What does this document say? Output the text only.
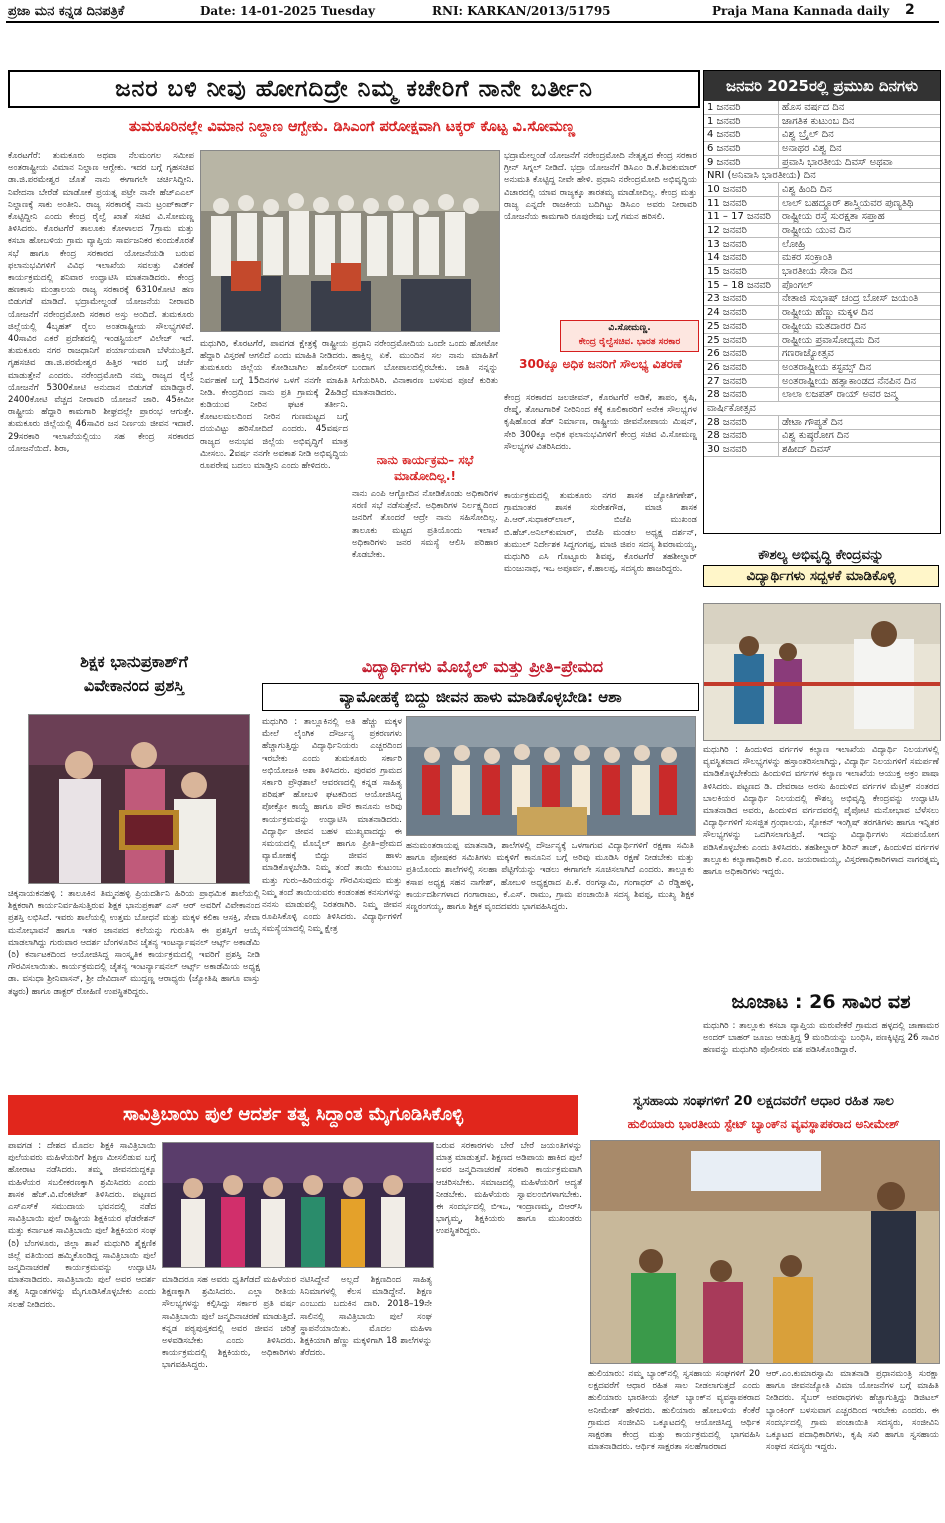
ಪ್ರಜಾ ಮನ ಕನ್ನಡ ದಿನಪತ್ರಿಕೆ	Date: 14-01-2025 Tuesday	RNI: KARKAN/2013/51795	Praja Mana Kannada daily 2
ಜನರ ಬಳಿ ನೀವು ಹೋಗದಿದ್ರೇ ನಿಮ್ಮ ಕಚೇರಿಗೆ ನಾನೇ ಬರ್ತೀನಿ
ತುಮಕೂರಿನಲ್ಲೇ ವಿಮಾನ ನಿಲ್ದಾಣ ಆಗ್ಬೇಕು. ಡಿಸಿಎಂಗೆ ಪರೋಕ್ಷವಾಗಿ ಟಕ್ಕರ್ ಕೊಟ್ಟ ವಿ.ಸೋಮಣ್ಣ
ಕೊರಟಗೆರೆ: ತುಮಕೂರು ಅಥವಾ ನೆಲಮಂಗಲ ಸಮೀಪ ಅಂತರಾಷ್ಟ್ರೀಯ ವಿಮಾನ ನಿಲ್ದಾಣ ಆಗ್ಬೇಕು. ಇದರ ಬಗ್ಗೆ ಗೃಹಸಚಿವ ಡಾ.ಜಿ.ಪರಮೇಶ್ವರ ಜೊತೆ ನಾನು ಈಗಾಗಲೇ ಚರ್ಚಿಸಿದ್ದೀನಿ. ನಿವೇದನಾ ಬೇರೆಡೆ ಮಾಡೋಕೆ ಪ್ರಯತ್ನ ಪಟ್ರೇ ನಾನೇ ಹೆಚ್ಎಎಲ್ ನಿಲ್ದಾಣಕ್ಕೆ ಸಾಕು ಅಂತೀನಿ. ರಾಜ್ಯ ಸರಕಾರಕ್ಕೆ ನಾನು ಟ್ರಂಪ್‌ಕಾರ್ಡ್ ಕೊಟ್ಟಿದ್ದೀನಿ ಎಂದು ಕೇಂದ್ರ ರೈಲ್ವೆ ಖಾತೆ ಸಚಿವ ವಿ.ಸೋಮಣ್ಣ ತಿಳಿಸಿದರು. ಕೊರಟಗೆರೆ ತಾಲೂಕು ಕೋಳಾಲದ 7ಗ್ರಾಮ ಮತ್ತು ಕಸಬಾ ಹೋಬಳಿಯ ಗ್ರಾಮ ವ್ಯಾಪ್ತಿಯ ಸಾರ್ವಜನಿಕರ ಕುಂದುಕೊರತೆ ಸಭೆ ಹಾಗೂ ಕೇಂದ್ರ ಸರಕಾರದ ಯೋಜನೆಯಡಿ ಬರುವ ಫಲಾನುಭವಿಗಳಿಗೆ ವಿವಿಧ ಇಲಾಖೆಯ ಸವಲತ್ತು ವಿತರಣೆ ಕಾರ್ಯಕ್ರಮದಲ್ಲಿ ಶನಿವಾರ ಉದ್ಘಾಟಿಸಿ ಮಾತನಾಡಿದರು. ಕೇಂದ್ರ ಹಣಕಾಸು ಮಂತ್ರಾಲಯ ರಾಜ್ಯ ಸರಕಾರಕ್ಕೆ 6310ಕೋಟಿ ಹಣ ಬಿಡುಗಡೆ ಮಾಡಿದೆ. ಭದ್ರಾಮೇಲ್ದಂಡೆ ಯೋಜನೆಯ ನೀರಾವರಿ ಯೋಜನೆಗೆ ನರೇಂದ್ರಮೋದಿ ಸರಕಾರ ಅಸ್ತು ಅಂದಿದೆ. ತುಮಕೂರು ಜಿಲ್ಲೆಯಲ್ಲಿ 4ಬೃಹತ್ ರೈಲು ಅಂತರಾಷ್ಟ್ರೀಯ ಸೌಲಭ್ಯಗಳಿವೆ. 40ಸಾವಿರ ಎಕರೆ ಪ್ರದೇಶದಲ್ಲಿ ಇಂಡಸ್ಟ್ರಿಯಲ್ ವಿಲೇಜ್ ಇದೆ. ತುಮಕೂರು ನಗರ ರಾಜಧಾನಿಗೆ ಪರ್ಯಾಯವಾಗಿ ಬೆಳೆಯುತ್ತಿದೆ. ಗೃಹಸಚಿವ ಡಾ.ಜಿ.ಪರಮೇಶ್ವರ ಹಿತ್ತಿರ ಇವರ ಬಗ್ಗೆ ಚರ್ಚೆ ಮಾಡುತ್ತೇನೆ ಎಂದರು. ನರೇಂದ್ರಮೋದಿ ನಮ್ಮ ರಾಜ್ಯದ ರೈಲ್ವೆ ಯೋಜನೆಗೆ 5300ಕೋಟಿ ಅನುದಾನ ಬಿಡುಗಡೆ ಮಾಡಿದ್ದಾರೆ. 2400ಕೋಟಿ ವೆಚ್ಚದ ನೀರಾವರಿ ಯೋಜನೆ ಜಾರಿ. 45ಕೀಮೀ ರಾಷ್ಟ್ರೀಯ ಹೆದ್ದಾರಿ ಕಾಮಗಾರಿ ಶೀಘ್ರದಲ್ಲೇ ಪ್ರಾರಂಭ ಆಗುತ್ತೇ. ತುಮಕೂರು ಜಿಲ್ಲೆಯಲ್ಲಿ 46ಸಾವಿರ ಜನ ನಿರ್ಣಯ ಜೀವನ ಇದಾರೆ. 29ಸರಕಾರಿ ಇಲಾಖೆಯಲ್ಲಿಯು ಸಹ ಕೇಂದ್ರ ಸರಕಾರದ ಯೋಜನೆಯಿದೆ. ಶಿರಾ,
ಮಧುಗಿರಿ, ಕೊರಟಗೆರೆ, ಪಾವಗಡ ಕ್ಷೇತ್ರಕ್ಕೆ ರಾಷ್ಟ್ರೀಯ ಹೆದ್ದಾರಿ ವಿಸ್ತರಣೆ ಆಗಲಿದೆ ಎಂದು ಮಾಹಿತಿ ನೀಡಿದರು. ತುಮಕೂರು ಜಿಲ್ಲೆಯ ಕೋಡಿಬಾಗಿಲ ಹೊಲೀಸರ್ ನಿರ್ವಹಣೆ ಬಗ್ಗೆ 15ದಿನಗಳ ಒಳಗೆ ನನಗೇ ಮಾಹಿತಿ ನೀಡಿ. ಕೇಂದ್ರದಿಂದ ನಾನು ಪ್ರತಿ ಗ್ರಾಮಕ್ಕೆ 2ಹಿಡಿದ್ರೆ ಕುಡಿಯುವ ನೀರಿನ ಘಟಕ ತರ್ತೀನಿ. ಕೋಟಲಮಲದಿಂದ ನೀರಿನ ಗುಣಮಟ್ಟದ ಬಗ್ಗೆ ದಯವಿಟ್ಟು ಹರಿಸೋದಿದೆ ಎಂದರು. 45ವರ್ಷದ ರಾಜ್ಯದ ಅನುಭವ ಜಿಲ್ಲೆಯ ಅಭಿವೃದ್ಧಿಗೆ ಮಾತ್ರ ಮೀಸಲು. 2ವರ್ಷ ನನಗೇ ಅವಕಾಶ ನೀಡಿ ಅಭಿವೃದ್ಧಿಯ ರೂಪರೇಷ ಬದಲು ಮಾಡ್ತೀನಿ ಎಂದು ಹೇಳಿದರು.
ಪ್ರಧಾನಿ ನರೇಂದ್ರಮೋದಿಯ ಒಂದೇ ಒಂದು ಹೋಟೋ ಹಾಕ್ತಿಲ್ಲ ಏಕೆ. ಮುಂದಿನ ಸಲ ನಾನು ಮಾಹಿತಿಗೆ ಬಂದಾಗ ಬೋಪಾಲದಲ್ಲಿರಬೇಕು. ಜಾತಿ ನನ್ನನ್ನು ಸಿಗೆಯರಿಸಿರಿ. ವಿನಾಕಾರಣ ಬಳಸುವ ಪೂಜೆ ಕುರಿತು ಮಾತನಾಡಿದರು.
ನಾನು ಕಾರ್ಯಕ್ರಮ– ಸಭೆ ಮಾಡೋದಿಲ್ಲ.!
ನಾನು ಎಂಪಿ ಆಗ್ಬೋದಿನ ನೋಡಿಕೊಂಡು ಅಧಿಕಾರಿಗಳ ಸರಣಿ ಸಭೆ ನಡೆಸುತ್ತೇನೆ. ಅಧಿಕಾರಿಗಳ ನಿರ್ಲಕ್ಷ್ಯದಿಂದ ಜನರಿಗೆ ತೊಂದರೆ ಆದ್ರೇ ನಾನು ಸಹಿಸೋದಿಲ್ಲ. ತಾಲೂಕು ಮಟ್ಟದ ಪ್ರತಿಯೊಂದು ಇಲಾಖೆ ಅಧಿಕಾರಿಗಳು ಜನರ ಸಮಸ್ಯೆ ಆಲಿಸಿ ಪರಿಹಾರ ಕೊಡಬೇಕು.
ಭದ್ರಾಮೇಲ್ದಂಡೆ ಯೋಜನೆಗೆ ನರೇಂದ್ರಮೋದಿ ನೇತೃತ್ವದ ಕೇಂದ್ರ ಸರಕಾರ ಗ್ರೀನ್ ಸಿಗ್ನಲ್ ನೀಡಿದೆ. ಭದ್ರಾ ಯೋಜನೆಗೆ ಡಿಸಿಎಂ ಡಿ.ಕೆ.ಶಿವಕುಮಾರ್ ಅನುಮತಿ ಕೊಟ್ಟಿದ್ದ ನೀವೇ ಹೇಳಿ. ಪ್ರಧಾನಿ ನರೇಂದ್ರಮೋದಿ ಅಭಿವೃದ್ಧಿಯ ವಿಚಾರದಲ್ಲಿ ಯಾವ ರಾಜ್ಯಕ್ಕೂ ತಾರತಮ್ಯ ಮಾಡೋದಿಲ್ಲ. ಕೇಂದ್ರ ಮತ್ತು ರಾಜ್ಯ ಎನ್ನದೇ ರಾಜಕೀಯ ಬದಿಗಿಟ್ಟು ಡಿಸಿಎಂ ಅವರು ನೀರಾವರಿ ಯೋಜನೆಯ ಕಾಮಗಾರಿ ರೂಪುರೇಷು ಬಗ್ಗೆ ಗಮನ ಹರಿಸಲಿ.
ವಿ.ಸೋಮಣ್ಣ.
ಕೇಂದ್ರ ರೈಲ್ವೆಸಚಿವ. ಭಾರತ ಸರಕಾರ
300ಕ್ಕೂ ಅಧಿಕ ಜನರಿಗೆ ಸೌಲಭ್ಯ ವಿತರಣೆ
ಕೇಂದ್ರ ಸರಕಾರದ ಜಲಜೀವನ್, ಕೊರಟಗೆರೆ ಅಡಿಕೆ, ತಾಪಂ, ಕೃಷಿ, ರೇಷ್ಮೆ, ತೋಟಗಾರಿಕೆ ನೀರಿನಿಂದ ಕೆಕ್ಕೆ ಕೂಲಿಕಾರರಿಗೆ ಅನೇಕ ಸೌಲಭ್ಯಗಳ ಕೃಷಿಹೊಂಡ ಶೆಡ್ ನಿರ್ಮಾಣ, ರಾಷ್ಟ್ರೀಯ ಜೀವನೋಪಾಯ ಮಿಷನ್, ಸೇರಿ 300ಕ್ಕೂ ಅಧಿಕ ಫಲಾನುಭವಿಗಳಿಗೆ ಕೇಂದ್ರ ಸಚಿವ ವಿ.ಸೋಮಣ್ಣ ಸೌಲಭ್ಯಗಳ ವಿತರಿಸಿದರು.
ಕಾರ್ಯಕ್ರಮದಲ್ಲಿ ತುಮಕೂರು ನಗರ ಶಾಸಕ ಜ್ಯೋತಿಗಣೇಶ್, ಗ್ರಾಮಾಂತರ ಶಾಸಕ ಸುರೇಶಗೌಡ, ಮಾಜಿ ಶಾಸಕ ಪಿ.ಆರ್.ಸುಧಾಕರ್‌ಲಾಲ್, ಬಿಜೆಪಿ ಮುಖಂಡ ಬಿ.ಹೆಚ್.ಅನಿಲ್‌ಕುಮಾರ್, ಬಿಜೆಪಿ ಮಂಡಲ ಅಧ್ಯಕ್ಷ ದರ್ಶನ್, ತುಮುಲ್ ನಿರ್ದೇಶಕ ಸಿದ್ದಗಂಗಪ್ಪ, ಮಾಜಿ ಜಿಪಂ ಸದಸ್ಯ ಶಿವರಾಮಯ್ಯ, ಮಧುಗಿರಿ ಎಸಿ ಗೊಟ್ಟೂರು ಶಿವಪ್ಪ, ಕೊರಟಗೆರೆ ತಹಶೀಲ್ದಾರ್ ಮಂಜುನಾಥ, ಇಒ ಅಪೂರ್ವ, ಕೆ.ಹಾಲಪ್ಪ, ಸದಸ್ಯರು ಹಾಜರಿದ್ದರು.
ಜನವರಿ 2025ರಲ್ಲಿ ಪ್ರಮುಖ ದಿನಗಳು
1 ಜನವರಿ	ಹೊಸ ವರ್ಷದ ದಿನ
1 ಜನವರಿ	ಜಾಗತಿಕ ಕುಟುಂಬ ದಿನ
4 ಜನವರಿ	ವಿಶ್ವ ಬ್ರೈಲ್ ದಿನ
6 ಜನವರಿ	ಅನಾಥರ ವಿಶ್ವ ದಿನ
9 ಜನವರಿ	ಪ್ರವಾಸಿ ಭಾರತೀಯ ದಿವಸ್ ಅಥವಾ
NRI (ಅನಿವಾಸಿ ಭಾರತೀಯ) ದಿನ	
10 ಜನವರಿ	ವಿಶ್ವ ಹಿಂದಿ ದಿನ
11 ಜನವರಿ	ಲಾಲ್ ಬಹದ್ದೂರ್ ಶಾಸ್ತ್ರಿಯವರ ಪುಣ್ಯತಿಥಿ
11 – 17 ಜನವರಿ	ರಾಷ್ಟ್ರೀಯ ರಸ್ತೆ ಸುರಕ್ಷತಾ ಸಪ್ತಾಹ
12 ಜನವರಿ	ರಾಷ್ಟ್ರೀಯ ಯುವ ದಿನ
13 ಜನವರಿ	ಲೋಹ್ರಿ
14 ಜನವರಿ	ಮಕರ ಸಂಕ್ರಾಂತಿ
15 ಜನವರಿ	ಭಾರತೀಯ ಸೇನಾ ದಿನ
15 – 18 ಜನವರಿ	ಪೊಂಗಲ್
23 ಜನವರಿ	ನೇತಾಜಿ ಸುಭಾಷ್ ಚಂದ್ರ ಬೋಸ್ ಜಯಂತಿ
24 ಜನವರಿ	ರಾಷ್ಟ್ರೀಯ ಹೆಣ್ಣು ಮಕ್ಕಳ ದಿನ
25 ಜನವರಿ	ರಾಷ್ಟ್ರೀಯ ಮತದಾರರ ದಿನ
25 ಜನವರಿ	ರಾಷ್ಟ್ರೀಯ ಪ್ರವಾಸೋದ್ಯಮ ದಿನ
26 ಜನವರಿ	ಗಣರಾಜ್ಯೋತ್ಸವ
26 ಜನವರಿ	ಅಂತರಾಷ್ಟ್ರೀಯ ಕಸ್ಟಮ್ಸ್ ದಿನ
27 ಜನವರಿ	ಅಂತರಾಷ್ಟ್ರೀಯ ಹತ್ಯಾಕಾಂಡದ ನೆನಪಿನ ದಿನ
28 ಜನವರಿ	ಲಾಲಾ ಲಜಪತ್ ರಾಯ್ ಅವರ ಜನ್ಮ
ವಾರ್ಷಿಕೋತ್ಸವ	
28 ಜನವರಿ	ಡೇಟಾ ಗೌಪ್ಯತೆ ದಿನ
28 ಜನವರಿ	ವಿಶ್ವ ಕುಷ್ಠರೋಗ ದಿನ
30 ಜನವರಿ	ಶಹೀದ್ ದಿವಸ್
ಕೌಶಲ್ಯ ಅಭಿವೃದ್ಧಿ ಕೇಂದ್ರವನ್ನು
ವಿದ್ಯಾರ್ಥಿಗಳು ಸದ್ಬಳಕೆ ಮಾಡಿಕೊಳ್ಳಿ
ಮಧುಗಿರಿ : ಹಿಂದುಳಿದ ವರ್ಗಗಳ ಕಲ್ಯಾಣ ಇಲಾಖೆಯ ವಿದ್ಯಾರ್ಥಿ ನಿಲಯಗಳಲ್ಲಿ ವ್ಯವಸ್ಥಿತವಾದ ಸೌಲಭ್ಯಗಳನ್ನು ಹಸ್ತಾಂತರಿಸಲಾಗಿದ್ದು, ವಿದ್ಯಾರ್ಥಿ ನಿಲಯಗಳಿಗೆ ಸಮರ್ಪಣೆ ಮಾಡಿಕೊಳ್ಳಬೇಕೆಂದು ಹಿಂದುಳಿದ ವರ್ಗಗಳ ಕಲ್ಯಾಣ ಇಲಾಖೆಯ ಆಯುಕ್ತ ಅಕ್ರಂ ಪಾಷಾ ತಿಳಿಸಿದರು. ಪಟ್ಟಣದ ಡಿ. ದೇವರಾಜ ಅರಸು ಹಿಂದುಳಿದ ವರ್ಗಗಳ ಮೆಟ್ರಿಕ್ ನಂತರದ ಬಾಲಕಿಯರ ವಿದ್ಯಾರ್ಥಿ ನಿಲಯದಲ್ಲಿ ಕೌಶಲ್ಯ ಅಭಿವೃದ್ಧಿ ಕೇಂದ್ರವನ್ನು ಉದ್ಘಾಟಿಸಿ ಮಾತನಾಡಿದ ಅವರು, ಹಿಂದುಳಿದ ವರ್ಗದವರಲ್ಲಿ ಪೈಪೋಟಿ ಮನೋಭಾವ ಬೆಳೆಸಲು ವಿದ್ಯಾರ್ಥಿಗಳಿಗೆ ಸುಸಜ್ಜಿತ ಗ್ರಂಥಾಲಯ, ಸ್ಪೋಕನ್ ಇಂಗ್ಲಿಷ್ ತರಗತಿಗಳು ಹಾಗೂ ಇನ್ನಿತರ ಸೌಲಭ್ಯಗಳನ್ನು ಒದಗಿಸಲಾಗುತ್ತಿದೆ. ಇದನ್ನು ವಿದ್ಯಾರ್ಥಿಗಳು ಸದುಪಯೋಗ ಪಡಿಸಿಕೊಳ್ಳಬೇಕು ಎಂದು ತಿಳಿಸಿದರು. ತಹಶೀಲ್ದಾರ್ ಶಿರಿನ್ ತಾಜ್, ಹಿಂದುಳಿದ ವರ್ಗಗಳ ತಾಲ್ಲೂಕು ಕಲ್ಯಾಣಾಧಿಕಾರಿ ಕೆ.ಎಂ. ಜಯರಾಮಯ್ಯ, ವಿಸ್ತರಣಾಧಿಕಾರಿಗಳಾದ ನಾಗರತ್ನಮ್ಮ ಹಾಗೂ ಅಧಿಕಾರಿಗಳು ಇದ್ದರು.
ಜೂಜಾಟ : 26 ಸಾವಿರ ವಶ
ಮಧುಗಿರಿ : ತಾಲ್ಲೂಕು ಕಸಬಾ ವ್ಯಾಪ್ತಿಯ ಮರುವೇಕೆರೆ ಗ್ರಾಮದ ಹಳ್ಳದಲ್ಲಿ ಜಾಣಾಮರ ಅಂದರ್ ಬಾಹರ್ ಜೂಜು ಆಡುತ್ತಿದ್ದ 9 ಮಂದಿಯನ್ನು ಬಂಧಿಸಿ, ಪಣಕ್ಕಿಟ್ಟಿದ್ದ 26 ಸಾವಿರ ಹಣವನ್ನು ಮಧುಗಿರಿ ಪೊಲೀಸರು ವಶ ಪಡಿಸಿಕೊಂಡಿದ್ದಾರೆ.
ಶಿಕ್ಷಕ ಭಾನುಪ್ರಕಾಶ್‌ಗೆ
ವಿವೇಕಾನಂದ ಪ್ರಶಸ್ತಿ
ಚಿಕ್ಕನಾಯಕನಹಳ್ಳಿ : ತಾಲೂಕಿನ ತಿಮ್ಮನಹಳ್ಳಿ ಪ್ರಿಯದರ್ಶಿನಿ ಹಿರಿಯ ಪ್ರಾಥಮಿಕ ಶಾಲೆಯಲ್ಲಿ ಶಿಕ್ಷಕರಾಗಿ ಕಾರ್ಯನಿರ್ವಹಿಸುತ್ತಿರುವ ಶಿಕ್ಷಕ ಭಾನುಪ್ರಕಾಶ್ ಎಸ್ ಆರ್ ಅವರಿಗೆ ವಿವೇಕಾನಂದ ಪ್ರಶಸ್ತಿ ಲಭಿಸಿದೆ. ಇವರು ಶಾಲೆಯಲ್ಲಿ ಉತ್ತಮ ಬೋಧನೆ ಮತ್ತು ಮಕ್ಕಳ ಕಲಿಕಾ ಆಸಕ್ತಿ, ಸೇವಾ ಮನೋಭಾವನೆ ಹಾಗೂ ಇತರ ಜಾನಪದ ಕಲೆಯನ್ನು ಗುರುತಿಸಿ ಈ ಪ್ರಶಸ್ತಿಗೆ ಆಯ್ಕೆ ಮಾಡಲಾಗಿದ್ದು ಗುರುವಾರ ಆದರ್ಶ ಬೆಂಗಳೂರಿನ ಚೈತನ್ಯ ಇಂಟರ್ನ್ಯಾಷನಲ್ ಆರ್ಟ್ಸ್ ಅಕಾಡೆಮಿ (ರಿ) ಕರ್ನಾಟಕದಿಂದ ಆಯೋಜಿಸಿದ್ದ ಸಾಂಸ್ಕೃತಿಕ ಕಾರ್ಯಕ್ರಮದಲ್ಲಿ ಇವರಿಗೆ ಪ್ರಶಸ್ತಿ ನೀಡಿ ಗೌರವಿಸಲಾಯಿತು. ಕಾರ್ಯಕ್ರಮದಲ್ಲಿ ಚೈತನ್ಯ ಇಂಟರ್ನ್ಯಾಷನಲ್ ಆರ್ಟ್ಸ್ ಅಕಾಡೆಮಿಯ ಅಧ್ಯಕ್ಷ ಡಾ. ವಸುಧಾ ಶ್ರೀನಿವಾಸನ್, ಶ್ರೀ ದೇವಿದಾಸ್ ಮುದ್ದಣ್ಣ ಆರಾಧ್ಯರು (ಜ್ಯೋತಿಷಿ ಹಾಗೂ ವಾಸ್ತು ತಜ್ಞರು) ಹಾಗೂ ಡಾಕ್ಟರ್ ರೋಹಿಣಿ ಉಪಸ್ಥಿತರಿದ್ದರು.
ವಿದ್ಯಾರ್ಥಿಗಳು ಮೊಬೈಲ್ ಮತ್ತು ಪ್ರೀತಿ–ಪ್ರೇಮದ
ವ್ಯಾಮೋಹಕ್ಕೆ ಬಿದ್ದು ಜೀವನ ಹಾಳು ಮಾಡಿಕೊಳ್ಳಬೇಡಿ: ಆಶಾ
ಮಧುಗಿರಿ : ತಾಲ್ಲೂಕಿನಲ್ಲಿ ಅತಿ ಹೆಚ್ಚು ಮಕ್ಕಳ ಮೇಲೆ ಲೈಂಗಿಕ ದೌರ್ಜನ್ಯ ಪ್ರಕರಣಗಳು ಹೆಚ್ಚಾಗುತ್ತಿದ್ದು ವಿದ್ಯಾರ್ಥಿನಿಯರು ಎಚ್ಚರದಿಂದ ಇರಬೇಕು ಎಂದು ತುಮಕೂರು ಸರ್ಕಾರಿ ಅಭಿಯೋಜಕಿ ಆಶಾ ತಿಳಿಸಿದರು. ಪುರವರ ಗ್ರಾಮದ ಸರ್ಕಾರಿ ಪ್ರೌಢಶಾಲೆ ಆವರಣದಲ್ಲಿ ಕನ್ನಡ ಸಾಹಿತ್ಯ ಪರಿಷತ್ ಹೋಬಳಿ ಘಟಕದಿಂದ ಆಯೋಜಿಸಿದ್ದ ಪೋಕ್ಸೋ ಕಾಯ್ದೆ ಹಾಗೂ ಪೌರ ಕಾನೂನು ಅರಿವು ಕಾರ್ಯಕ್ರಮವನ್ನು ಉದ್ಘಾಟಿಸಿ ಮಾತನಾಡಿದರು. ವಿದ್ಯಾರ್ಥಿ ಜೀವನ ಬಹಳ ಮುಖ್ಯವಾದದ್ದು ಈ ಸಮಯದಲ್ಲಿ ಮೊಬೈಲ್ ಹಾಗೂ ಪ್ರೀತಿ–ಪ್ರೇಮದ ವ್ಯಾಮೋಹಕ್ಕೆ ಬಿದ್ದು ಜೀವನ ಹಾಳು ಮಾಡಿಕೊಳ್ಳಬೇಡಿ. ನಿಮ್ಮ ತಂದೆ ತಾಯಿ ಕುಟುಂಬ ಮತ್ತು ಗುರು–ಹಿರಿಯರನ್ನು ಗೌರವಿಸುವುದು ಮತ್ತು ನಿಮ್ಮ ತಂದೆ ತಾಯಿಯವರು ಕಂಡಂತಹ ಕನಸುಗಳನ್ನು ನನಸು ಮಾಡುವಲ್ಲಿ ನಿರತರಾಗಿರಿ. ನಿಮ್ಮ ಜೀವನ ರೂಪಿಸಿಕೊಳ್ಳಿ ಎಂದು ತಿಳಿಸಿದರು. ವಿದ್ಯಾರ್ಥಿಗಳಿಗೆ ಸಮಸ್ಯೆಯಾದಲ್ಲಿ ನಿಮ್ಮ ಕ್ಷೇತ್ರ
ಹನುಮಂತರಾಯಪ್ಪ ಮಾತನಾಡಿ, ಶಾಲೆಗಳಲ್ಲಿ ದೌರ್ಜನ್ಯಕ್ಕೆ ಒಳಗಾಗುವ ವಿದ್ಯಾರ್ಥಿಗಳಿಗೆ ರಕ್ಷಣಾ ಸಮಿತಿ ಹಾಗೂ ಪೋಷಕರ ಸಮಿತಿಗಳು ಮಕ್ಕಳಿಗೆ ಕಾನೂನಿನ ಬಗ್ಗೆ ಅರಿವು ಮೂಡಿಸಿ ರಕ್ಷಣೆ ನೀಡಬೇಕು ಮತ್ತು ಪ್ರತಿಯೊಂದು ಶಾಲೆಗಳಲ್ಲಿ ಸಲಹಾ ಪೆಟ್ಟಿಗೆಯನ್ನು ಇಡಲು ಈಗಾಗಲೇ ಸೂಚಿಸಲಾಗಿದೆ ಎಂದರು. ತಾಲ್ಲೂಕು ಕಸಾಪ ಅಧ್ಯಕ್ಷ ಸಹನ ನಾಗೇಶ್, ಹೋಬಳಿ ಅಧ್ಯಕ್ಷರಾದ ಪಿ.ಕೆ. ರಂಗಸ್ವಾಮಿ, ಗಂಗಾಧರ್ ವಿ ರೆಡ್ಡಿಹಳ್ಳಿ, ಕಾರ್ಯದರ್ಶಿಗಳಾದ ಗಂಗಾರಾಜು, ಕೆ.ಎಸ್. ರಾಮು, ಗ್ರಾಮ ಪಂಚಾಯಿತಿ ಸದಸ್ಯ ಶಿವಪ್ಪ, ಮುಖ್ಯ ಶಿಕ್ಷಕ ಸಣ್ಣರಂಗಯ್ಯ, ಹಾಗೂ ಶಿಕ್ಷಕ ವೃಂದದವರು ಭಾಗವಹಿಸಿದ್ದರು.
ಸಾವಿತ್ರಿಬಾಯಿ ಪುಲೆ ಆದರ್ಶ ತತ್ವ ಸಿದ್ದಾಂತ ಮೈಗೂಡಿಸಿಕೊಳ್ಳಿ
ಪಾವಗಡ : ದೇಶದ ಮೊದಲ ಶಿಕ್ಷಕಿ ಸಾವಿತ್ರಿಬಾಯಿ ಪುಲೆಯವರು ಮಹಿಳೆಯರಿಗೆ ಶಿಕ್ಷಣ ಮೀಸಲಿಡುವ ಬಗ್ಗೆ ಹೋರಾಟ ನಡೆಸಿದರು. ತಮ್ಮ ಜೀವನದುದ್ದಕ್ಕೂ ಮಹಿಳೆಯರ ಸಬಲೀಕರಣಕ್ಕಾಗಿ ಶ್ರಮಿಸಿದರು ಎಂದು ಶಾಸಕ ಹೆಚ್.ವಿ.ವೆಂಕಟೇಶ್ ತಿಳಿಸಿದರು. ಪಟ್ಟಣದ ಎಸ್‌ಎಸ್‌ಕೆ ಸಮುದಾಯ ಭವನದಲ್ಲಿ ನಡೆದ ಸಾವಿತ್ರಿಬಾಯಿ ಪುಲೆ ರಾಷ್ಟ್ರೀಯ ಶಿಕ್ಷಕಿಯರ ಫೆಡರೇಶನ್ ಮತ್ತು ಕರ್ನಾಟಕ ಸಾವಿತ್ರಿಬಾಯಿ ಪುಲೆ ಶಿಕ್ಷಕಿಯರ ಸಂಘ (ರಿ) ಬೆಂಗಳೂರು, ಜಿಲ್ಲಾ ಶಾಖೆ ಮಧುಗಿರಿ ಶೈಕ್ಷಣಿಕ ಜಿಲ್ಲೆ ವತಿಯಿಂದ ಹಮ್ಮಿಕೊಂಡಿದ್ದ ಸಾವಿತ್ರಿಬಾಯಿ ಪುಲೆ ಜನ್ಮದಿನಾಚರಣೆ ಕಾರ್ಯಕ್ರಮವನ್ನು ಉದ್ಘಾಟಿಸಿ ಮಾತನಾಡಿದರು. ಸಾವಿತ್ರಿಬಾಯಿ ಪುಲೆ ಅವರ ಆದರ್ಶ ತತ್ವ ಸಿದ್ದಾಂತಗಳನ್ನು ಮೈಗೂಡಿಸಿಕೊಳ್ಳಬೇಕು ಎಂದು ಸಲಹೆ ನೀಡಿದರು.
ಮಾಡಿದರೂ ಸಹ ಅವರು ಧೃತಿಗೆಡದೆ ಮಹಿಳೆಯರ ಶಿಕ್ಷಣಕ್ಕಾಗಿ ಶ್ರಮಿಸಿದರು. ಎಲ್ಲಾ ರೀತಿಯ ಸೌಲಭ್ಯಗಳನ್ನು ಕಲ್ಪಿಸಿದ್ದು ಸರ್ಕಾರ ಪ್ರತಿ ವರ್ಷ ಸಾವಿತ್ರಿಬಾಯಿ ಪುಲೆ ಜನ್ಮದಿನಾಚರಣೆ ಮಾಡುತ್ತಿದೆ. ಕನ್ನಡ ಪಠ್ಯಪುಸ್ತಕದಲ್ಲಿ ಅವರ ಜೀವನ ಚರಿತ್ರೆ ಅಳವಡಿಸಬೇಕು ಎಂದು ತಿಳಿಸಿದರು. ಕಾರ್ಯಕ್ರಮದಲ್ಲಿ ಶಿಕ್ಷಕಿಯರು, ಅಧಿಕಾರಿಗಳು ಭಾಗವಹಿಸಿದ್ದರು.
ನಟಿಸಿದ್ದೇನೆ ಅಲ್ಲದೆ ಶಿಕ್ಷಣದಿಂದ ಸಾಹಿತ್ಯ ಸಿನಿಮಾಗಳಲ್ಲಿ ಕೆಲಸ ಮಾಡಿದ್ದೇನೆ. ಶಿಕ್ಷಣ ಎಂಬುದು ಬದುಕಿನ ದಾರಿ. 2018–19ನೇ ಸಾಲಿನಲ್ಲಿ ಸಾವಿತ್ರಿಬಾಯಿ ಪುಲೆ ಸಂಘ ಸ್ಥಾಪನೆಯಾಯಿತು. ಮೊದಲ ಮಹಿಳಾ ಶಿಕ್ಷಕಿಯಾಗಿ ಹೆಣ್ಣು ಮಕ್ಕಳಿಗಾಗಿ 18 ಶಾಲೆಗಳನ್ನು ತೆರೆದರು.
ಬರುವ ಸರಕಾರಗಳು ಬೇರೆ ಬೇರೆ ಜಯಂತಿಗಳನ್ನು ಮಾತ್ರ ಮಾಡುತ್ತವೆ. ಶಿಕ್ಷಣದ ಅಡಿಪಾಯ ಹಾಕಿದ ಪುಲೆ ಅವರ ಜನ್ಮದಿನಾಚರಣೆ ಸರಕಾರಿ ಕಾರ್ಯಕ್ರಮವಾಗಿ ಆಚರಿಸಬೇಕು. ಸಮಾಜದಲ್ಲಿ ಮಹಿಳೆಯರಿಗೆ ಆದ್ಯತೆ ನೀಡಬೇಕು. ಮಹಿಳೆಯರು ಸ್ವಾವಲಂಬಿಗಳಾಗಬೇಕು. ಈ ಸಂದರ್ಭದಲ್ಲಿ ಬಿಇಒ, ಇಂದ್ರಾಣಮ್ಮ, ಬಿಆರ್‌ಸಿ ಭಾಗ್ಯಮ್ಮ, ಶಿಕ್ಷಕಿಯರು ಹಾಗೂ ಮುಖಂಡರು ಉಪಸ್ಥಿತರಿದ್ದರು.
ಸ್ವಸಹಾಯ ಸಂಘಗಳಿಗೆ 20 ಲಕ್ಷದವರೆಗೆ ಆಧಾರ ರಹಿತ ಸಾಲ
ಹುಲಿಯಾರು ಭಾರತೀಯ ಸ್ಟೇಟ್ ಬ್ಯಾಂಕ್‌ನ ವ್ಯವಸ್ಥಾಪಕರಾದ ಅನೀಮೇಶ್
ಹುಲಿಯಾರು: ನಮ್ಮ ಬ್ಯಾಂಕ್‌ನಲ್ಲಿ ಸ್ವಸಹಾಯ ಸಂಘಗಳಿಗೆ 20 ಲಕ್ಷದವರೆಗೆ ಆಧಾರ ರಹಿತ ಸಾಲ ನೀಡಲಾಗುತ್ತದೆ ಎಂದು ಹುಲಿಯಾರು ಭಾರತೀಯ ಸ್ಟೇಟ್ ಬ್ಯಾಂಕ್‌ನ ವ್ಯವಸ್ಥಾಪಕರಾದ ಅನೀಮೇಶ್ ಹೇಳಿದರು. ಹುಲಿಯಾರು ಹೋಬಳಿಯ ಕೆಂಕೆರೆ ಗ್ರಾಮದ ಸಂಜೀವಿನಿ ಒಕ್ಕೂಟದಲ್ಲಿ ಆಯೋಜಿಸಿದ್ದ ಆರ್ಥಿಕ ಸಾಕ್ಷರತಾ ಕೇಂದ್ರ ಮತ್ತು ಕಾರ್ಯಕ್ರಮದಲ್ಲಿ ಭಾಗವಹಿಸಿ ಮಾತನಾಡಿದರು. ಆರ್ಥಿಕ ಸಾಕ್ಷರತಾ ಸಲಹೆಗಾರರಾದ
ಆರ್.ಎಂ.ಕುಮಾರಸ್ವಾಮಿ ಮಾತನಾಡಿ ಪ್ರಧಾನಮಂತ್ರಿ ಸುರಕ್ಷಾ ಹಾಗೂ ಜೀವನಜ್ಯೋತಿ ವಿಮಾ ಯೋಜನೆಗಳ ಬಗ್ಗೆ ಮಾಹಿತಿ ನೀಡಿದರು. ಸೈಬರ್ ಅಪರಾಧಗಳು ಹೆಚ್ಚಾಗುತ್ತಿದ್ದು ಡಿಜಿಟಲ್ ಬ್ಯಾಂಕಿಂಗ್ ಬಳಸುವಾಗ ಎಚ್ಚರದಿಂದ ಇರಬೇಕು ಎಂದರು. ಈ ಸಂದರ್ಭದಲ್ಲಿ ಗ್ರಾಮ ಪಂಚಾಯಿತಿ ಸದಸ್ಯರು, ಸಂಜೀವಿನಿ ಒಕ್ಕೂಟದ ಪದಾಧಿಕಾರಿಗಳು, ಕೃಷಿ ಸಖಿ ಹಾಗೂ ಸ್ವಸಹಾಯ ಸಂಘದ ಸದಸ್ಯರು ಇದ್ದರು.
